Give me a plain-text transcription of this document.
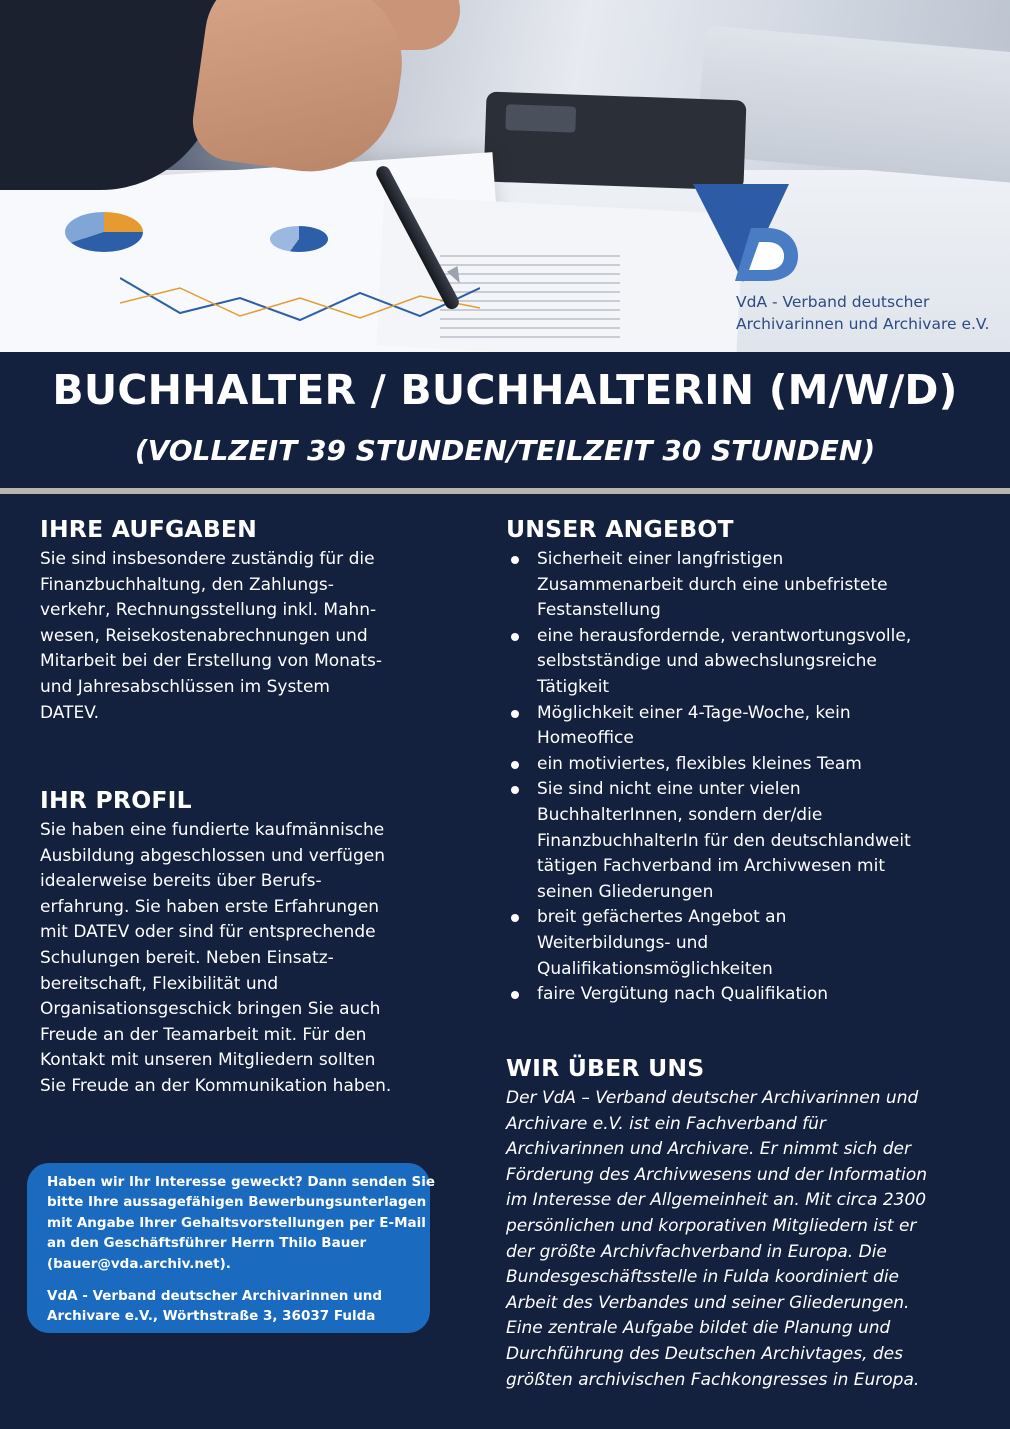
VdA - Verband deutscher
Archivarinnen und Archivare e.V.
BUCHHALTER / BUCHHALTERIN (M/W/D)
(VOLLZEIT 39 STUNDEN/TEILZEIT 30 STUNDEN)
IHRE AUFGABEN
Sie sind insbesondere zuständig für die
Finanzbuchhaltung, den Zahlungs-
verkehr, Rechnungsstellung inkl. Mahn-
wesen, Reisekostenabrechnungen und
Mitarbeit bei der Erstellung von Monats-
und Jahresabschlüssen im System
DATEV.
IHR PROFIL
Sie haben eine fundierte kaufmännische
Ausbildung abgeschlossen und verfügen
idealerweise bereits über Berufs-
erfahrung. Sie haben erste Erfahrungen
mit DATEV oder sind für entsprechende
Schulungen bereit. Neben Einsatz-
bereitschaft, Flexibilität und
Organisationsgeschick bringen Sie auch
Freude an der Teamarbeit mit. Für den
Kontakt mit unseren Mitgliedern sollten
Sie Freude an der Kommunikation haben.
Haben wir Ihr Interesse geweckt? Dann senden Sie
bitte Ihre aussagefähigen Bewerbungsunterlagen
mit Angabe Ihrer Gehaltsvorstellungen per E-Mail
an den Geschäftsführer Herrn Thilo Bauer
(bauer@vda.archiv.net).
VdA - Verband deutscher Archivarinnen und
Archivare e.V., Wörthstraße 3, 36037 Fulda
UNSER ANGEBOT
Sicherheit einer langfristigen
Zusammenarbeit durch eine unbefristete
Festanstellung
eine herausfordernde, verantwortungsvolle,
selbstständige und abwechslungsreiche
Tätigkeit
Möglichkeit einer 4-Tage-Woche, kein
Homeoffice
ein motiviertes, flexibles kleines Team
Sie sind nicht eine unter vielen
BuchhalterInnen, sondern der/die
FinanzbuchhalterIn für den deutschlandweit
tätigen Fachverband im Archivwesen mit
seinen Gliederungen
breit gefächertes Angebot an
Weiterbildungs- und
Qualifikationsmöglichkeiten
faire Vergütung nach Qualifikation
WIR ÜBER UNS
Der VdA – Verband deutscher Archivarinnen und
Archivare e.V. ist ein Fachverband für
Archivarinnen und Archivare. Er nimmt sich der
Förderung des Archivwesens und der Information
im Interesse der Allgemeinheit an. Mit circa 2300
persönlichen und korporativen Mitgliedern ist er
der größte Archivfachverband in Europa. Die
Bundesgeschäftsstelle in Fulda koordiniert die
Arbeit des Verbandes und seiner Gliederungen.
Eine zentrale Aufgabe bildet die Planung und
Durchführung des Deutschen Archivtages, des
größten archivischen Fachkongresses in Europa.
